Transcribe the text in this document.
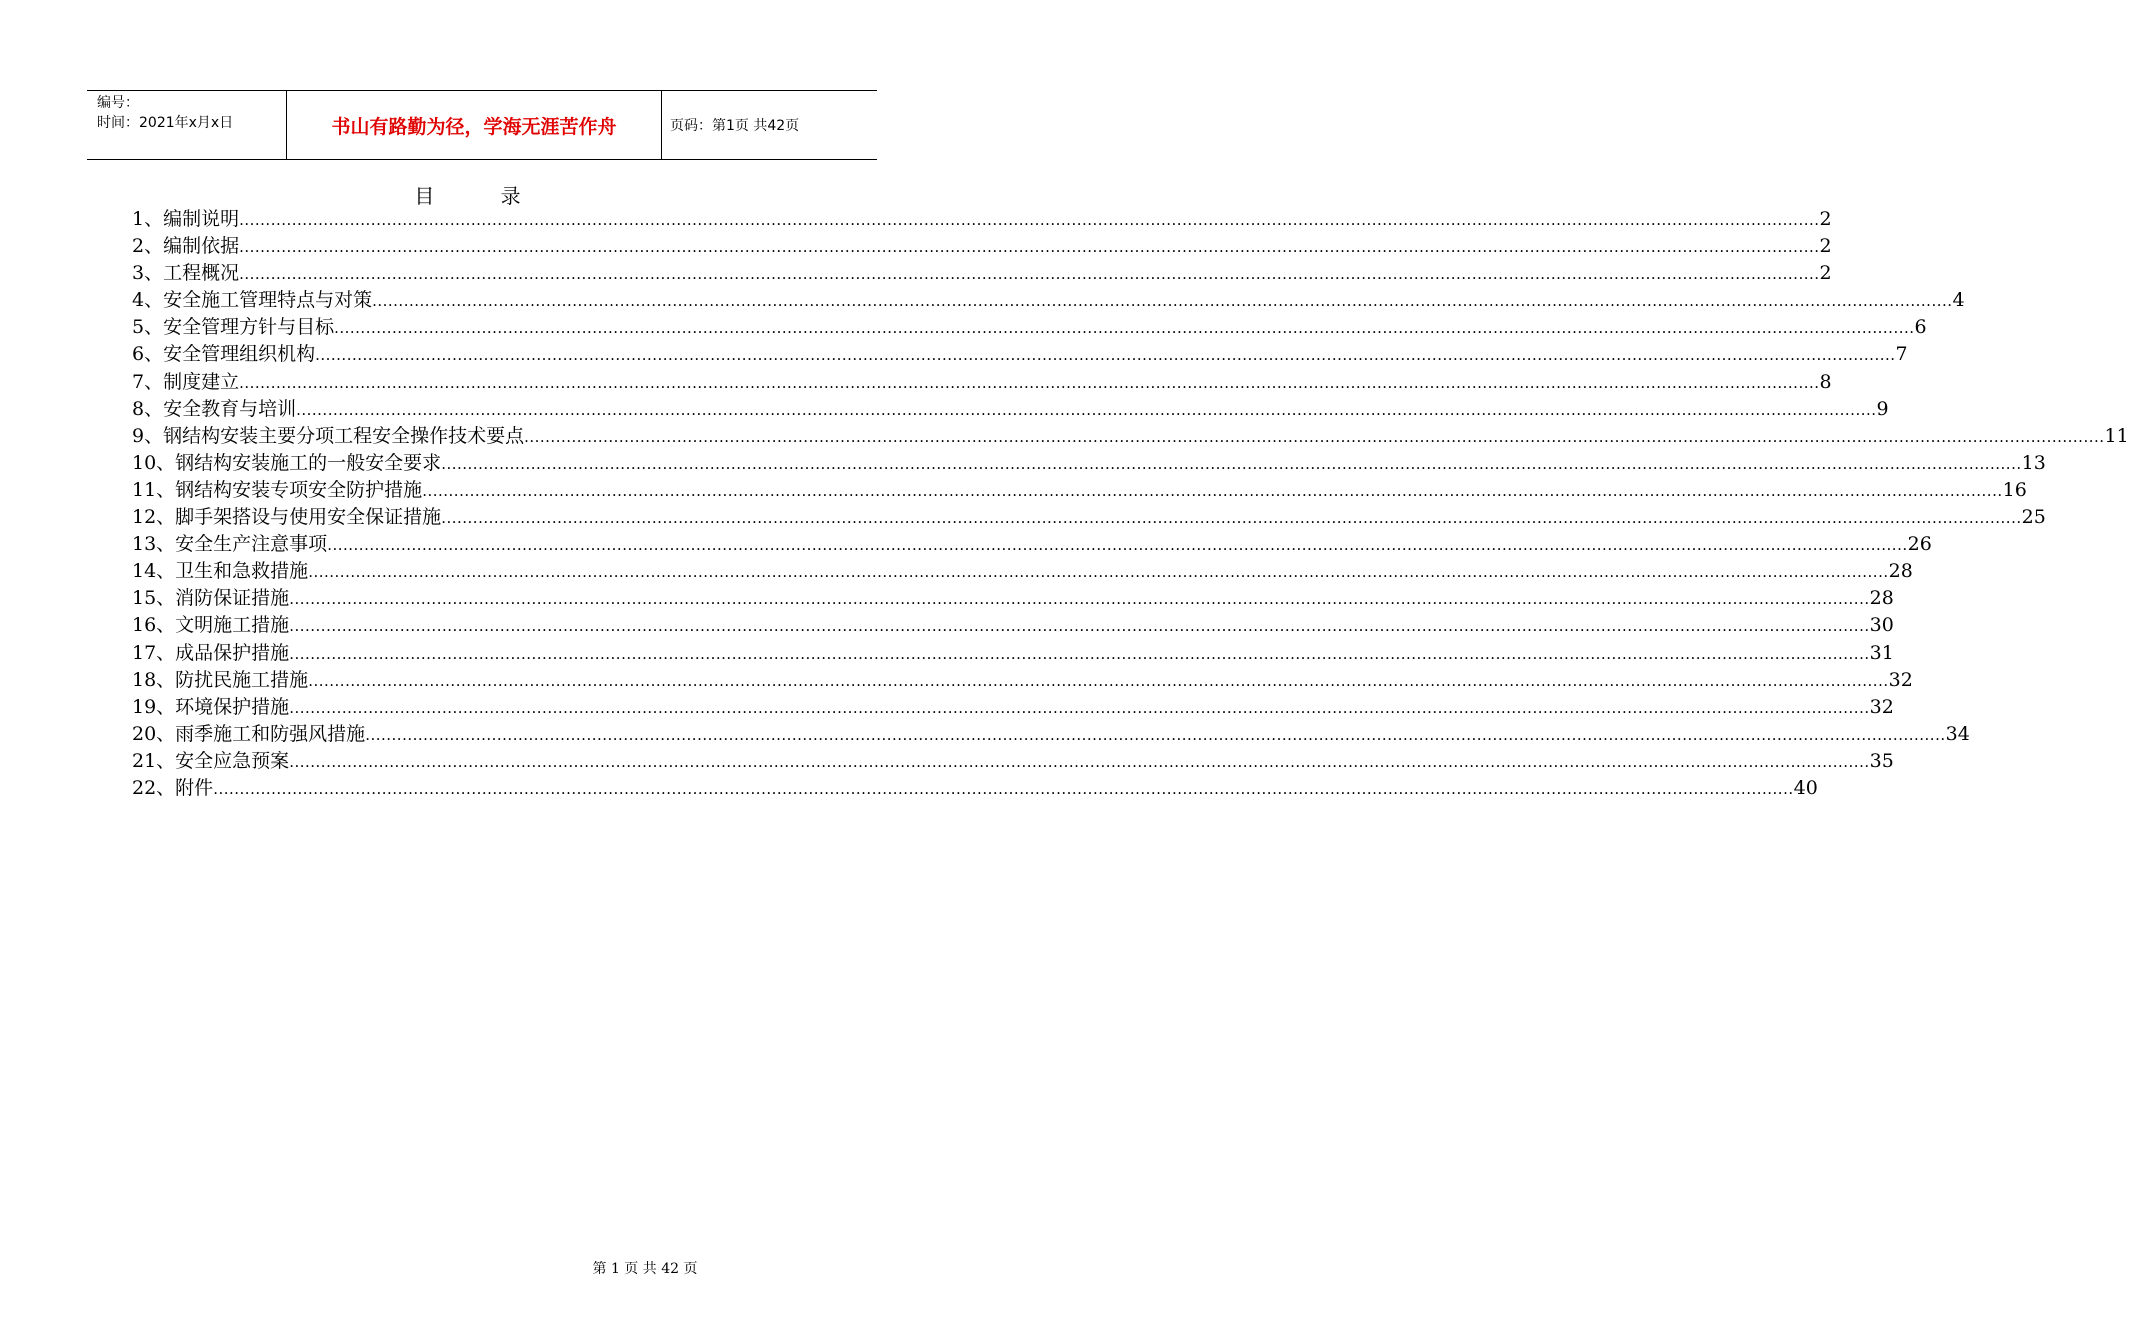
编号：
时间：2021年x月x日	书山有路勤为径，学海无涯苦作舟	页码：第1页 共42页
目 录
1、编制说明 ............................................................................................................................................................................................................................................................................................................ 2
2、编制依据 ............................................................................................................................................................................................................................................................................................................ 2
3、工程概况 ............................................................................................................................................................................................................................................................................................................ 2
4、安全施工管理特点与对策 ............................................................................................................................................................................................................................................................................................................ 4
5、安全管理方针与目标 ............................................................................................................................................................................................................................................................................................................ 6
6、安全管理组织机构 ............................................................................................................................................................................................................................................................................................................ 7
7、制度建立 ............................................................................................................................................................................................................................................................................................................ 8
8、安全教育与培训 ............................................................................................................................................................................................................................................................................................................ 9
9、钢结构安装主要分项工程安全操作技术要点 ............................................................................................................................................................................................................................................................................................................ 11
10、钢结构安装施工的一般安全要求 ............................................................................................................................................................................................................................................................................................................ 13
11、钢结构安装专项安全防护措施 ............................................................................................................................................................................................................................................................................................................ 16
12、脚手架搭设与使用安全保证措施 ............................................................................................................................................................................................................................................................................................................ 25
13、安全生产注意事项 ............................................................................................................................................................................................................................................................................................................ 26
14、卫生和急救措施 ............................................................................................................................................................................................................................................................................................................ 28
15、消防保证措施 ............................................................................................................................................................................................................................................................................................................ 28
16、文明施工措施 ............................................................................................................................................................................................................................................................................................................ 30
17、成品保护措施 ............................................................................................................................................................................................................................................................................................................ 31
18、防扰民施工措施 ............................................................................................................................................................................................................................................................................................................ 32
19、环境保护措施 ............................................................................................................................................................................................................................................................................................................ 32
20、雨季施工和防强风措施 ............................................................................................................................................................................................................................................................................................................ 34
21、安全应急预案 ............................................................................................................................................................................................................................................................................................................ 35
22、附件 ............................................................................................................................................................................................................................................................................................................ 40
第 1 页 共 42 页
